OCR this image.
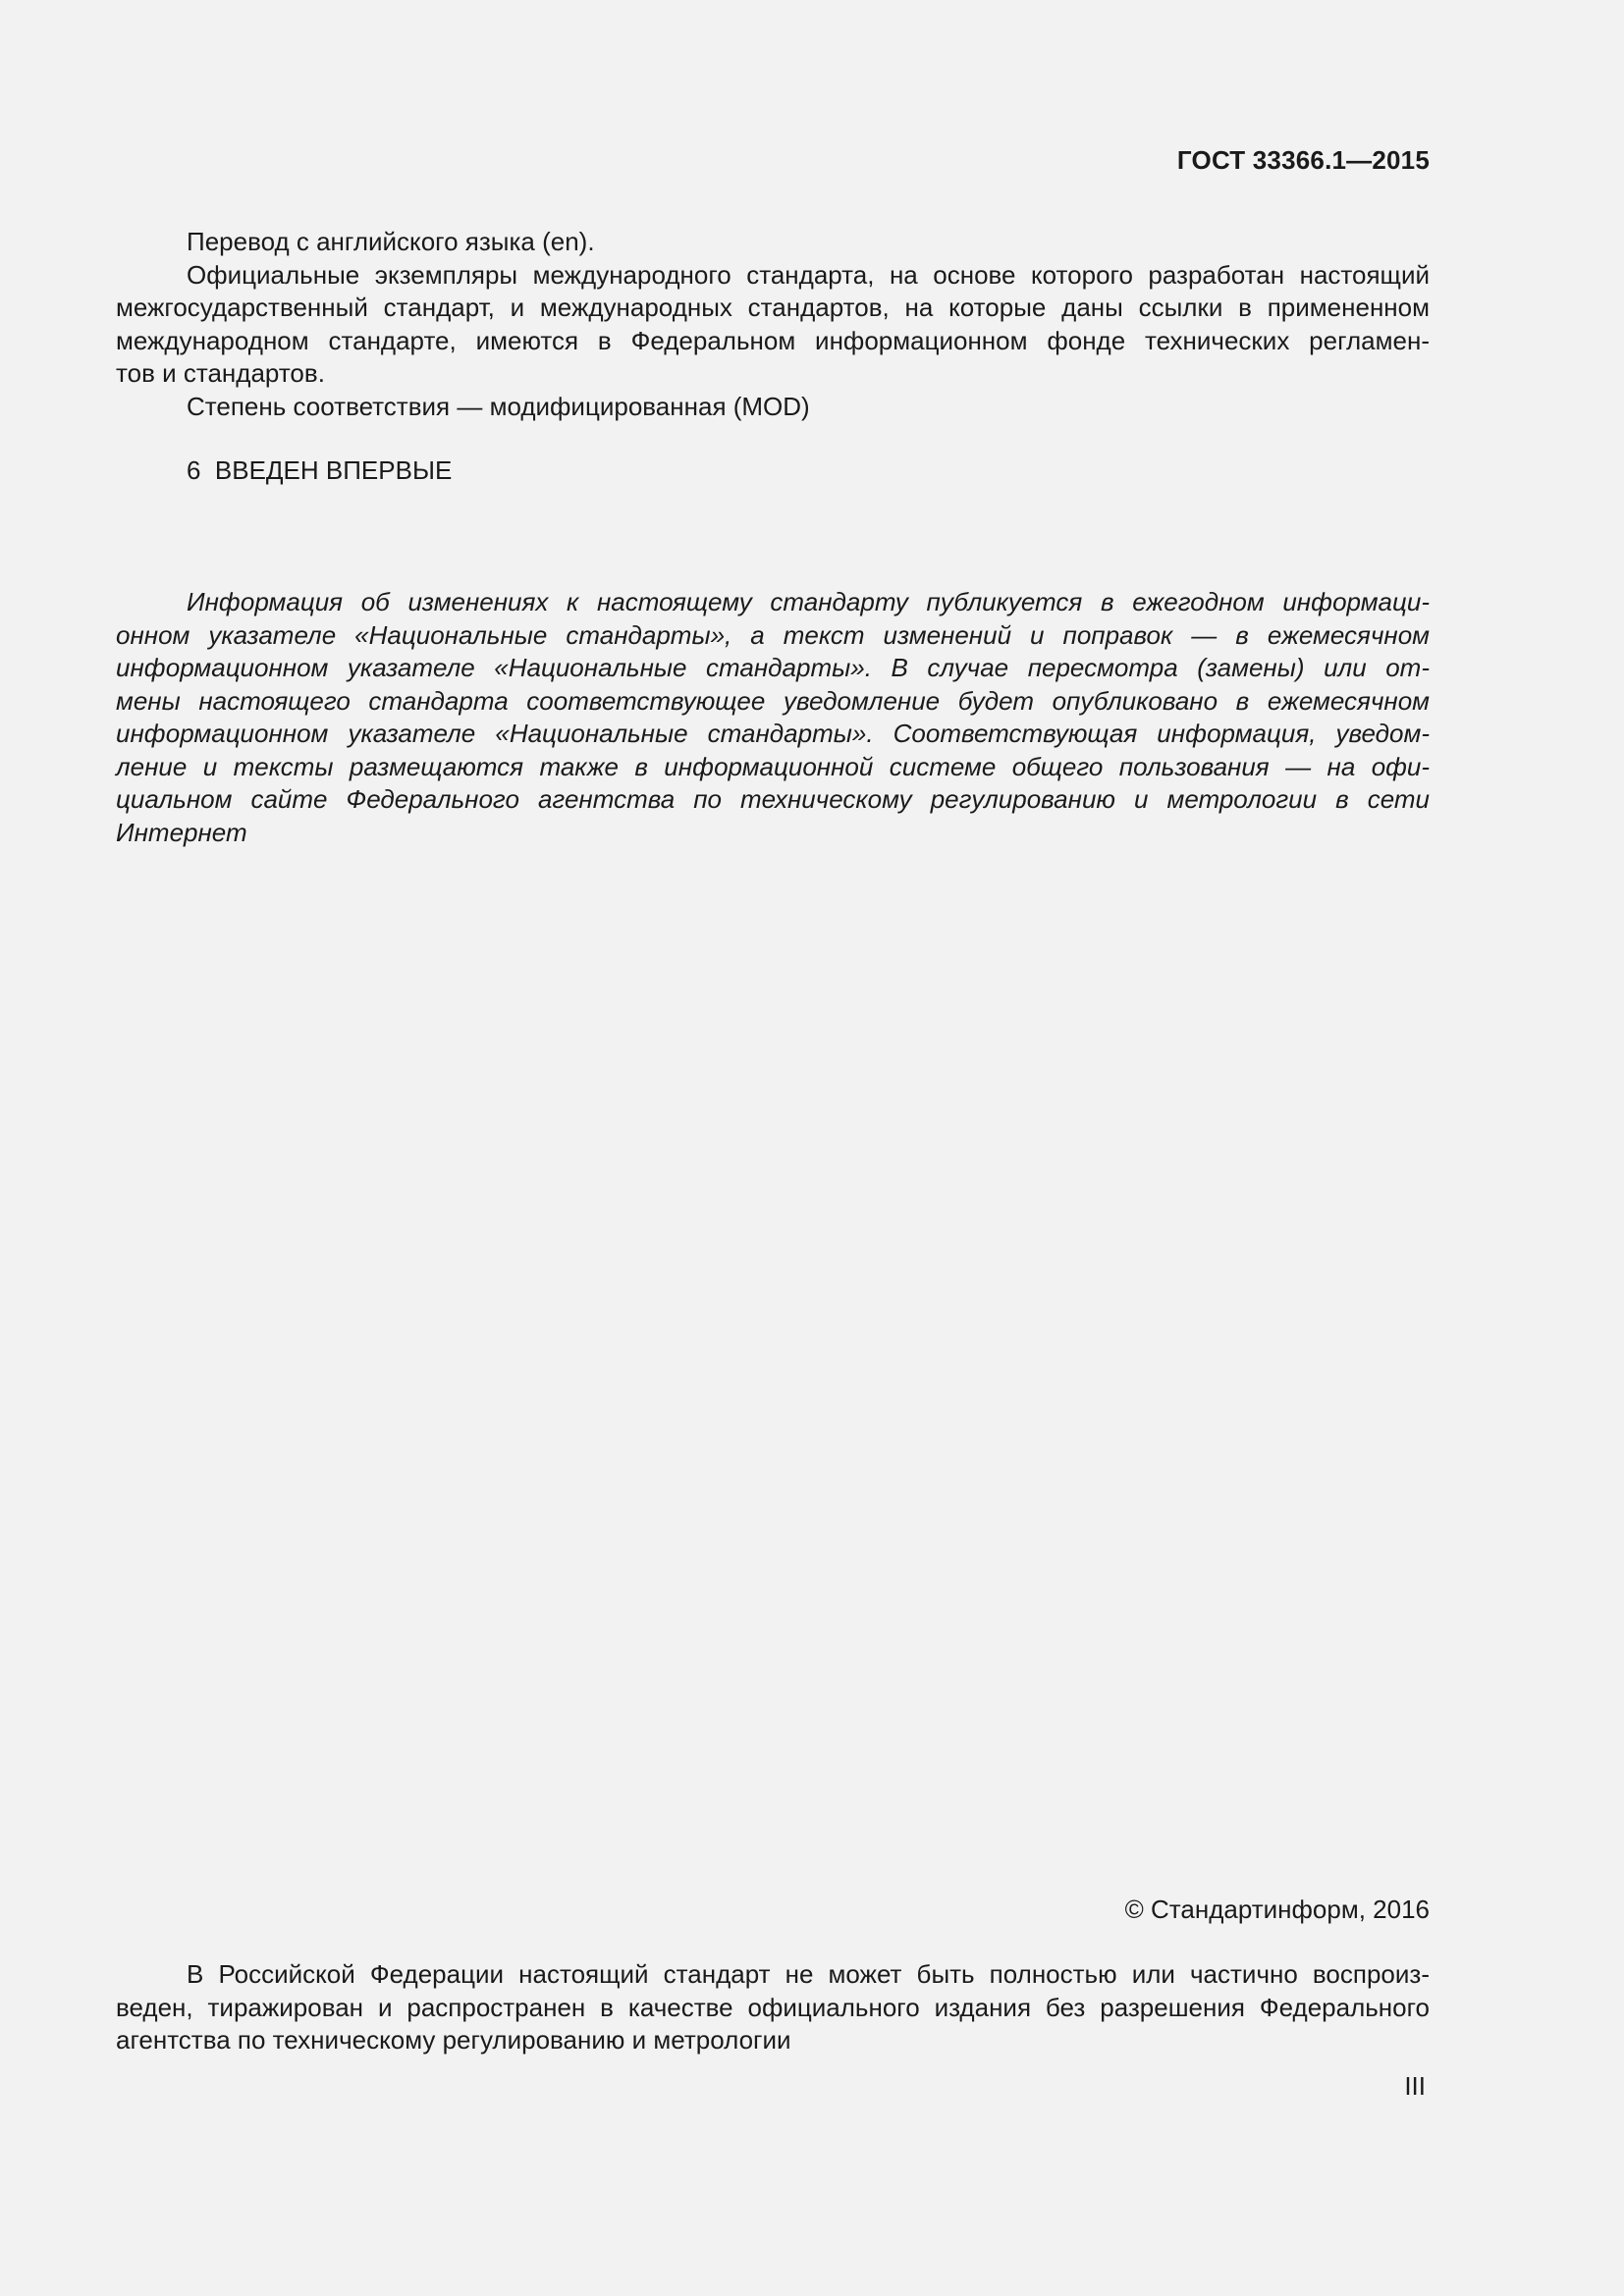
ГОСТ 33366.1—2015

Перевод с английского языка (en).

Официальные экземпляры международного стандарта, на основе которого разработан настоящий
межгосударственный стандарт, и международных стандартов, на которые даны ссылки в примененном
международном стандарте, имеются в Федеральном информационном фонде технических регламен-
тов и стандартов.

Степень соответствия — модифицированная (MOD)

6  ВВЕДЕН ВПЕРВЫЕ

Информация об изменениях к настоящему стандарту публикуется в ежегодном информаци-
онном указателе «Национальные стандарты», а текст изменений и поправок — в ежемесячном
информационном указателе «Национальные стандарты». В случае пересмотра (замены) или от-
мены настоящего стандарта соответствующее уведомление будет опубликовано в ежемесячном
информационном указателе «Национальные стандарты». Соответствующая информация, уведом-
ление и тексты размещаются также в информационной системе общего пользования — на офи-
циальном сайте Федерального агентства по техническому регулированию и метрологии в сети
Интернет
© Стандартинформ, 2016
В Российской Федерации настоящий стандарт не может быть полностью или частично воспроиз-
веден, тиражирован и распространен в качестве официального издания без разрешения Федерального
агентства по техническому регулированию и метрологии
III
